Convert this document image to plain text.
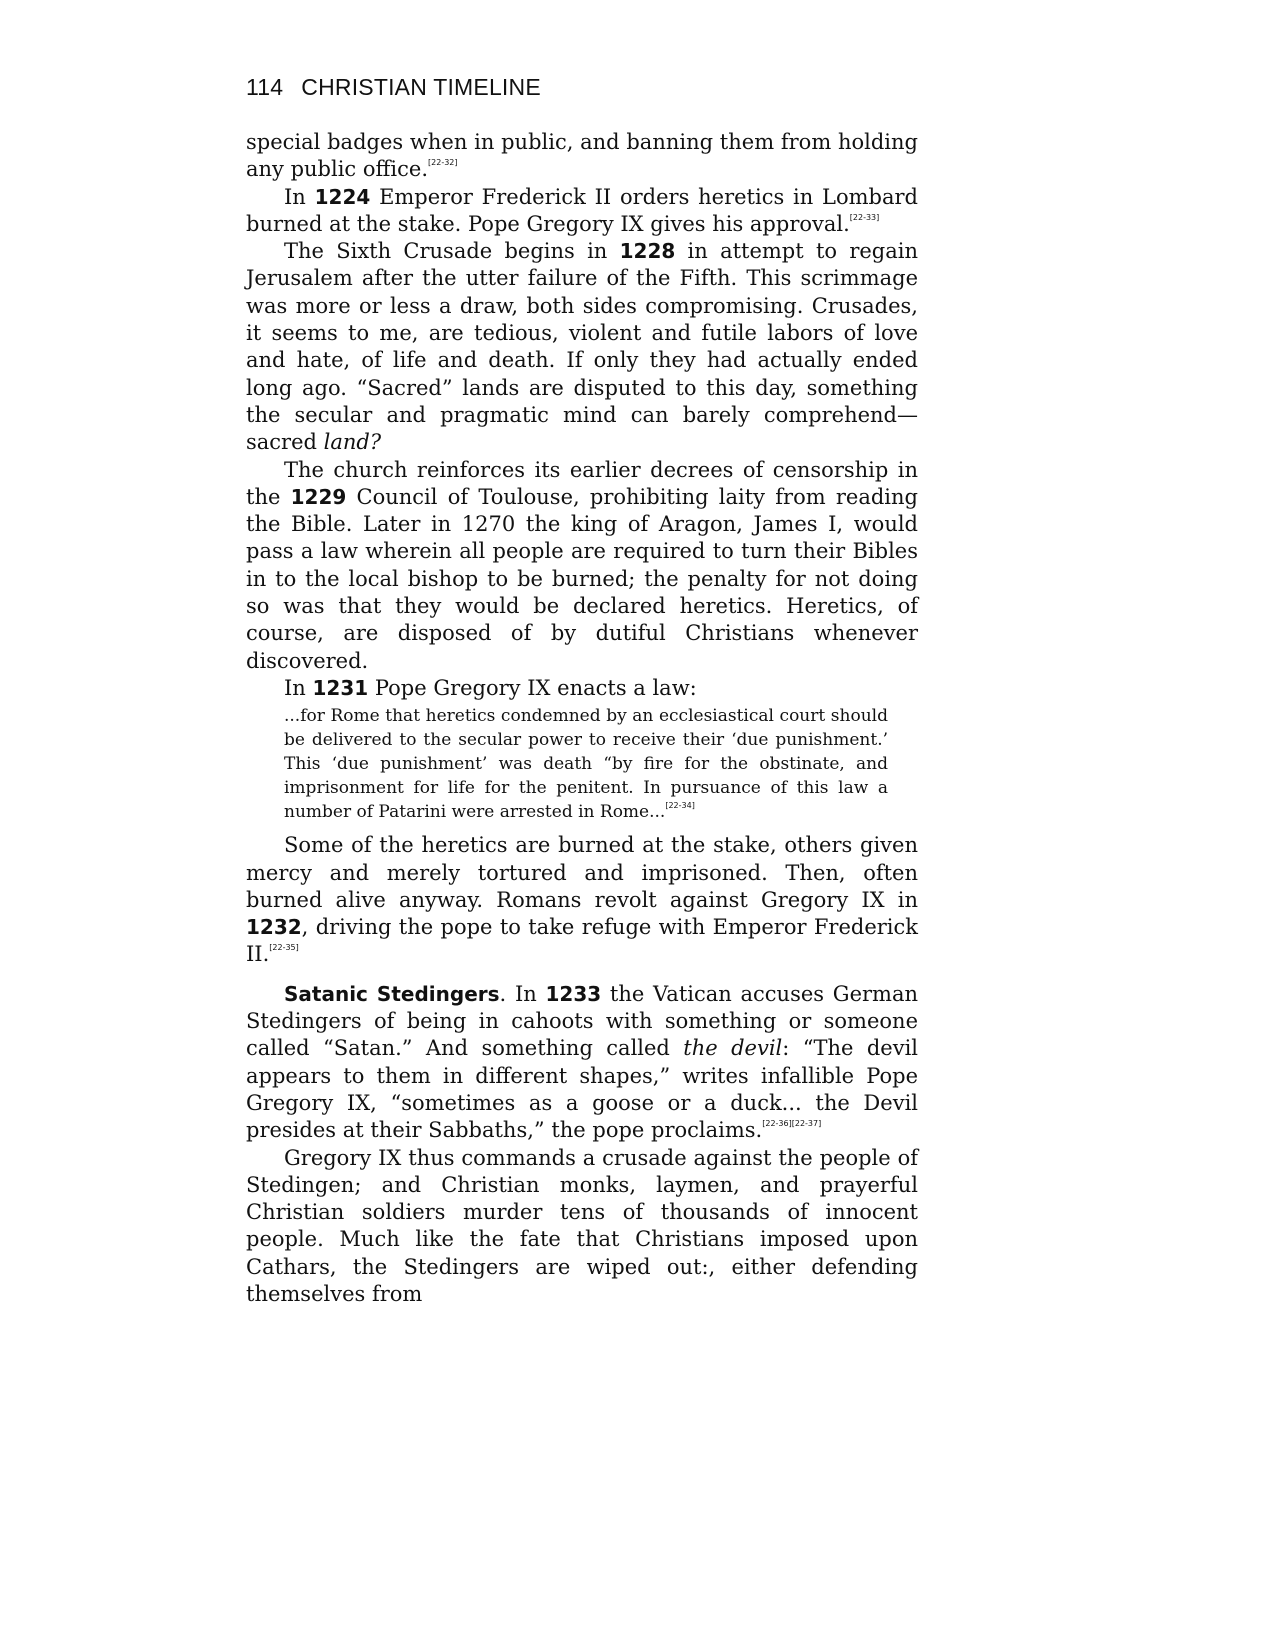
114 CHRISTIAN TIMELINE

special badges when in public, and banning them from holding any public office.[22-32]

In 1224 Emperor Frederick II orders heretics in Lombard burned at the stake. Pope Gregory IX gives his approval.[22-33]

The Sixth Crusade begins in 1228 in attempt to regain Jerusalem after the utter failure of the Fifth. This scrimmage was more or less a draw, both sides compromising. Crusades, it seems to me, are tedious, violent and futile labors of love and hate, of life and death. If only they had actually ended long ago. “Sacred” lands are disputed to this day, something the secular and pragmatic mind can barely comprehend—sacred land?

The church reinforces its earlier decrees of censorship in the 1229 Council of Toulouse, prohibiting laity from reading the Bible. Later in 1270 the king of Aragon, James I, would pass a law wherein all people are required to turn their Bibles in to the local bishop to be burned; the penalty for not doing so was that they would be declared heretics. Heretics, of course, are disposed of by dutiful Christians whenever discovered.

In 1231 Pope Gregory IX enacts a law:

...for Rome that heretics condemned by an ecclesiastical court should be delivered to the secular power to receive their ‘due punishment.’ This ‘due punishment’ was death “by fire for the obstinate, and imprisonment for life for the penitent. In pursuance of this law a number of Patarini were arrested in Rome...[22-34]

Some of the heretics are burned at the stake, others given mercy and merely tortured and imprisoned. Then, often burned alive anyway. Romans revolt against Gregory IX in 1232, driving the pope to take refuge with Emperor Frederick II.[22-35]

Satanic Stedingers. In 1233 the Vatican accuses German Stedingers of being in cahoots with something or someone called “Satan.” And something called the devil: “The devil appears to them in different shapes,” writes infallible Pope Gregory IX, “sometimes as a goose or a duck... the Devil presides at their Sabbaths,” the pope proclaims.[22-36][22-37]

Gregory IX thus commands a crusade against the people of Stedingen; and Christian monks, laymen, and prayerful Christian soldiers murder tens of thousands of innocent people. Much like the fate that Christians imposed upon Cathars, the Stedingers are wiped out:, either defending themselves from
